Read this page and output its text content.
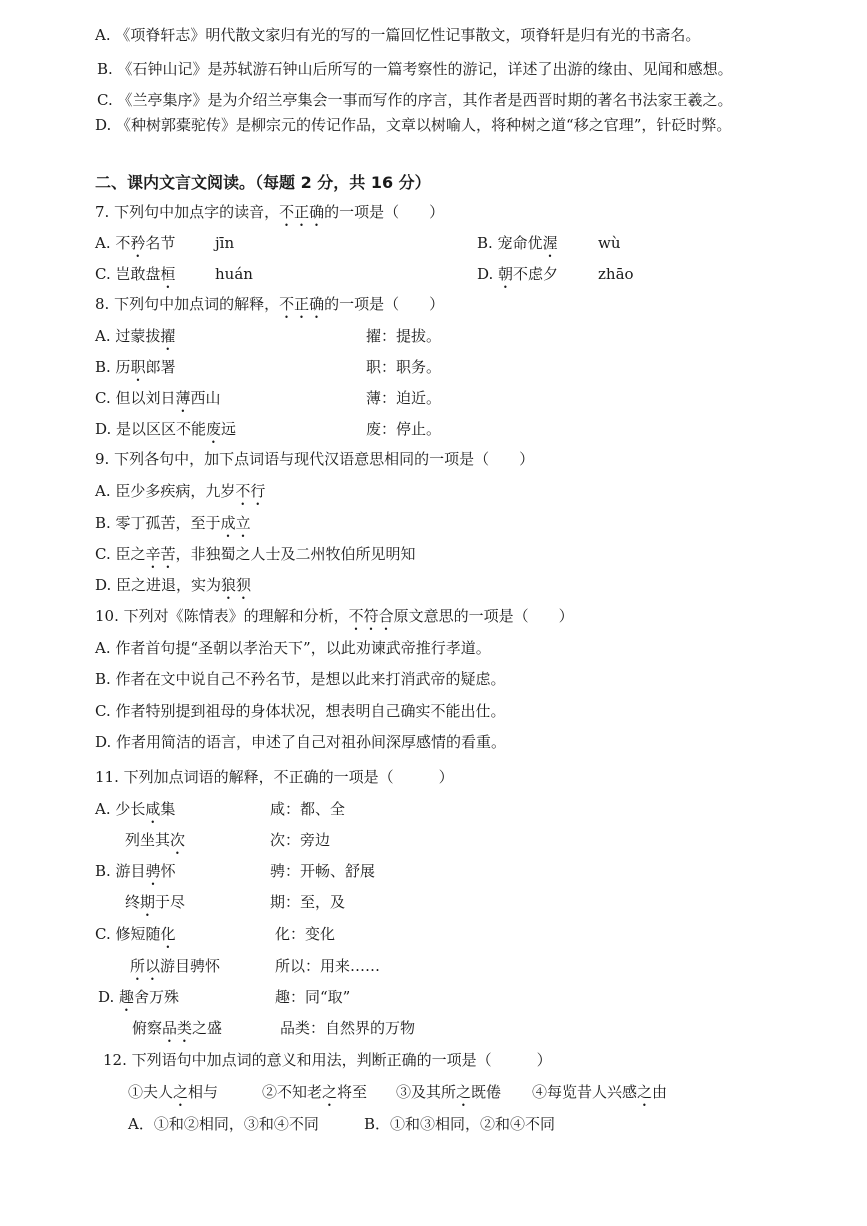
A. 《项脊轩志》明代散文家归有光的写的一篇回忆性记事散文，项脊轩是归有光的书斋名。
B. 《石钟山记》是苏轼游石钟山后所写的一篇考察性的游记，详述了出游的缘由、见闻和感想。
C. 《兰亭集序》是为介绍兰亭集会一事而写作的序言，其作者是西晋时期的著名书法家王羲之。
D. 《种树郭橐驼传》是柳宗元的传记作品，文章以树喻人，将种树之道“移之官理”，针砭时弊。
二、课内文言文阅读。（每题 2 分，共 16 分）
7. 下列句中加点字的读音，不正确的一项是（　　）
A. 不矜名节	jīn	B. 宠命优渥	wù
C. 岂敢盘桓	huán	D. 朝不虑夕	zhāo
8. 下列句中加点词的解释，不正确的一项是（　　）
A. 过蒙拔擢	擢：提拔。
B. 历职郎署	职：职务。
C. 但以刘日薄西山	薄：迫近。
D. 是以区区不能废远	废：停止。
9. 下列各句中，加下点词语与现代汉语意思相同的一项是（　　）
A. 臣少多疾病，九岁不行
B. 零丁孤苦，至于成立
C. 臣之辛苦，非独蜀之人士及二州牧伯所见明知
D. 臣之进退，实为狼狈
10. 下列对《陈情表》的理解和分析，不符合原文意思的一项是（　　）
A. 作者首句提“圣朝以孝治天下”，以此劝谏武帝推行孝道。
B. 作者在文中说自己不矜名节，是想以此来打消武帝的疑虑。
C. 作者特别提到祖母的身体状况，想表明自己确实不能出仕。
D. 作者用简洁的语言，申述了自己对祖孙间深厚感情的看重。
11. 下列加点词语的解释，不正确的一项是（　　　）
A. 少长咸集	咸：都、全
列坐其次	次：旁边
B. 游目骋怀	骋：开畅、舒展
终期于尽	期：至，及
C. 修短随化	化：变化
所以游目骋怀	所以：用来……
D. 趣舍万殊	趣：同“取”
俯察品类之盛	品类：自然界的万物
12. 下列语句中加点词的意义和用法，判断正确的一项是（　　　）
①夫人之相与	②不知老之将至 ③及其所之既倦 ④每览昔人兴感之由
A．①和②相同，③和④不同	B．①和③相同，②和④不同
